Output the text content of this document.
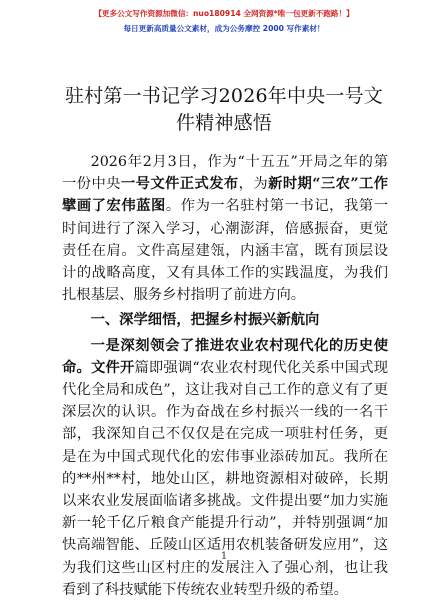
【更多公文写作资源加微信：nuo180914 全网资源*唯一包更新不跑路！】
每日更新高质量公文素材，成为公务摩控 2000 写作素材！
驻村第一书记学习2026年中央一号文件精神感悟

2026年2月3日，作为“十五五”开局之年的第一份中央一号文件正式发布，为新时期“三农”工作擘画了宏伟蓝图。作为一名驻村第一书记，我第一时间进行了深入学习，心潮澎湃，倍感振奋，更觉责任在肩。文件高屋建瓴，内涵丰富，既有顶层设计的战略高度，又有具体工作的实践温度，为我们扎根基层、服务乡村指明了前进方向。

一、深学细悟，把握乡村振兴新航向

一是深刻领会了推进农业农村现代化的历史使命。文件开篇即强调“农业农村现代化关系中国式现代化全局和成色”，这让我对自己工作的意义有了更深层次的认识。作为奋战在乡村振兴一线的一名干部，我深知自己不仅仅是在完成一项驻村任务，更是在为中国式现代化的宏伟事业添砖加瓦。我所在的**州**村，地处山区，耕地资源相对破碎，长期以来农业发展面临诸多挑战。文件提出要“加力实施新一轮千亿斤粮食产能提升行动”，并特别强调“加快高端智能、丘陵山区适用农机装备研发应用”，这为我们这些山区村庄的发展注入了强心剂，也让我看到了科技赋能下传统农业转型升级的希望。

1
